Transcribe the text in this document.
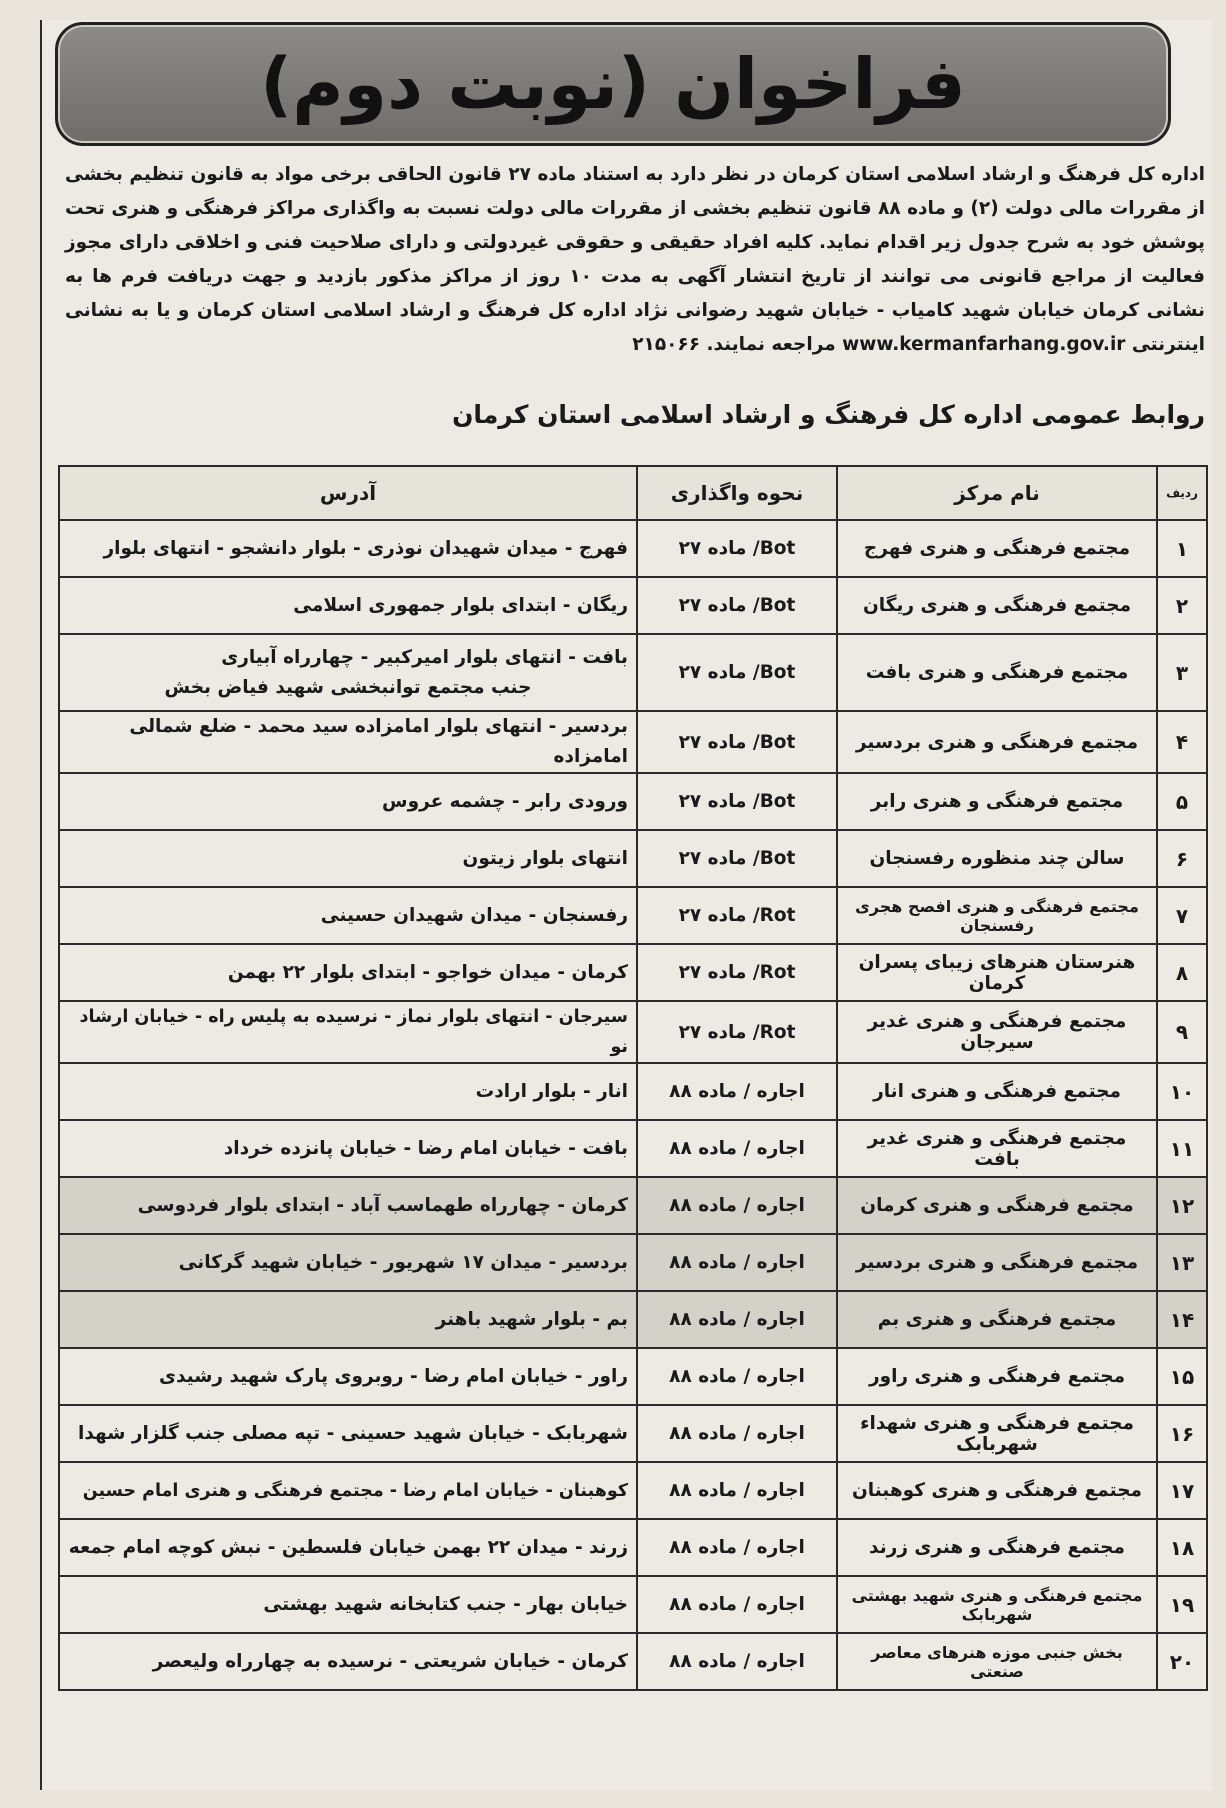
فراخوان (نوبت دوم)
اداره کل فرهنگ و ارشاد اسلامی استان کرمان در نظر دارد به استناد ماده ۲۷ قانون الحاقی برخی مواد به قانون تنظیم بخشی از مقررات مالی دولت (۲) و ماده ۸۸ قانون تنظیم بخشی از مقررات مالی دولت نسبت به واگذاری مراکز فرهنگی و هنری تحت پوشش خود به شرح جدول زیر اقدام نماید. کلیه افراد حقیقی و حقوقی غیردولتی و دارای صلاحیت فنی و اخلاقی دارای مجوز فعالیت از مراجع قانونی می توانند از تاریخ انتشار آگهی به مدت ۱۰ روز از مراکز مذکور بازدید و جهت دریافت فرم ها به نشانی کرمان خیابان شهید کامیاب - خیابان شهید رضوانی نژاد اداره کل فرهنگ و ارشاد اسلامی استان کرمان و یا به نشانی اینترنتی www.kermanfarhang.gov.ir مراجعه نمایند. ۲۱۵۰۶۶
روابط عمومی اداره کل فرهنگ و ارشاد اسلامی استان کرمان
ردیف	نام مرکز	نحوه واگذاری	آدرس
۱	مجتمع فرهنگی و هنری فهرج	Bot/ ماده ۲۷	فهرج - میدان شهیدان نوذری - بلوار دانشجو - انتهای بلوار

۲	مجتمع فرهنگی و هنری ریگان	Bot/ ماده ۲۷	ریگان - ابتدای بلوار جمهوری اسلامی

۳	مجتمع فرهنگی و هنری بافت	Bot/ ماده ۲۷	بافت - انتهای بلوار امیرکبیر - چهارراه آبیاری
جنب مجتمع توانبخشی شهید فیاض بخش

۴	مجتمع فرهنگی و هنری بردسیر	Bot/ ماده ۲۷	بردسیر - انتهای بلوار امامزاده سید محمد - ضلع شمالی امامزاده

۵	مجتمع فرهنگی و هنری رابر	Bot/ ماده ۲۷	ورودی رابر - چشمه عروس

۶	سالن چند منظوره رفسنجان	Bot/ ماده ۲۷	انتهای بلوار زیتون

۷	مجتمع فرهنگی و هنری افصح هجری رفسنجان	Rot/ ماده ۲۷	رفسنجان - میدان شهیدان حسینی

۸	هنرستان هنرهای زیبای پسران کرمان	Rot/ ماده ۲۷	کرمان - میدان خواجو - ابتدای بلوار ۲۲ بهمن

۹	مجتمع فرهنگی و هنری غدیر سیرجان	Rot/ ماده ۲۷	سیرجان - انتهای بلوار نماز - نرسیده به پلیس راه - خیابان ارشاد نو

۱۰	مجتمع فرهنگی و هنری انار	اجاره / ماده ۸۸	انار - بلوار ارادت

۱۱	مجتمع فرهنگی و هنری غدیر بافت	اجاره / ماده ۸۸	بافت - خیابان امام رضا - خیابان پانزده خرداد

۱۲	مجتمع فرهنگی و هنری کرمان	اجاره / ماده ۸۸	کرمان - چهارراه طهماسب آباد - ابتدای بلوار فردوسی

۱۳	مجتمع فرهنگی و هنری بردسیر	اجاره / ماده ۸۸	بردسیر - میدان ۱۷ شهریور - خیابان شهید گرکانی

۱۴	مجتمع فرهنگی و هنری بم	اجاره / ماده ۸۸	بم - بلوار شهید باهنر

۱۵	مجتمع فرهنگی و هنری راور	اجاره / ماده ۸۸	راور - خیابان امام رضا - روبروی پارک شهید رشیدی

۱۶	مجتمع فرهنگی و هنری شهداء شهربابک	اجاره / ماده ۸۸	شهربابک - خیابان شهید حسینی - تپه مصلی جنب گلزار شهدا

۱۷	مجتمع فرهنگی و هنری کوهبنان	اجاره / ماده ۸۸	کوهبنان - خیابان امام رضا - مجتمع فرهنگی و هنری امام حسین

۱۸	مجتمع فرهنگی و هنری زرند	اجاره / ماده ۸۸	زرند - میدان ۲۲ بهمن خیابان فلسطین - نبش کوچه امام جمعه

۱۹	مجتمع فرهنگی و هنری شهید بهشتی شهربابک	اجاره / ماده ۸۸	خیابان بهار - جنب کتابخانه شهید بهشتی

۲۰	بخش جنبی موزه هنرهای معاصر صنعتی	اجاره / ماده ۸۸	کرمان - خیابان شریعتی - نرسیده به چهارراه ولیعصر
